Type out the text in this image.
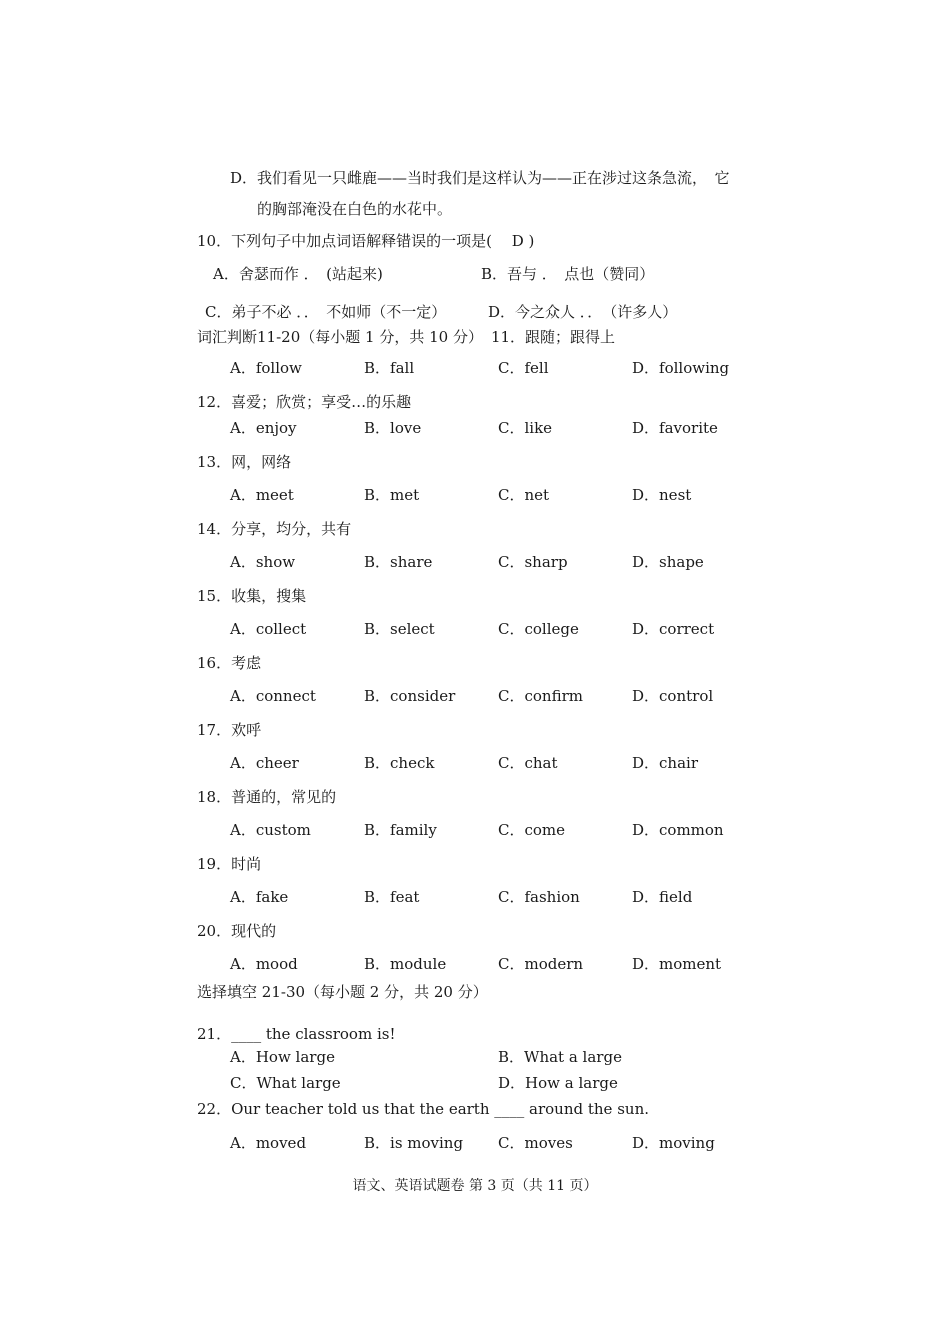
D．我们看见一只雌鹿——当时我们是这样认为——正在涉过这条急流，　它
的胸部淹没在白色的水花中。
10．下列句子中加点词语解释错误的一项是(　 D )
A．舍瑟而作 ．　(站起来)	B．吾与 ．　点也（赞同）
C．弟子不必 ．．　不如师（不一定）	D．今之众人 ．．　（许多人）
词汇判断11-20（每小题 1 分，共 10 分） 11．跟随；跟得上
A．follow	B．fall	C．fell	D．following
12．喜爱；欣赏；享受…的乐趣
A．enjoy	B．love	C．like	D．favorite
13．网，网络
A．meet	B．met	C．net	D．nest
14．分享，均分，共有
A．show	B．share	C．sharp	D．shape
15．收集，搜集
A．collect	B．select	C．college	D．correct
16．考虑
A．connect	B．consider	C．confirm	D．control
17．欢呼
A．cheer	B．check	C．chat	D．chair
18．普通的，常见的
A．custom	B．family	C．come	D．common
19．时尚
A．fake	B．feat	C．fashion	D．field
20．现代的
A．mood	B．module	C．modern	D．moment
选择填空 21-30（每小题 2 分，共 20 分）
21．____ the classroom is!
A．How large	B．What a large
C．What large	D．How a large
22．Our teacher told us that the earth ____ around the sun.
A．moved	B．is moving C．moves	D．moving
语文、英语试题卷 第 3 页（共 11 页）
